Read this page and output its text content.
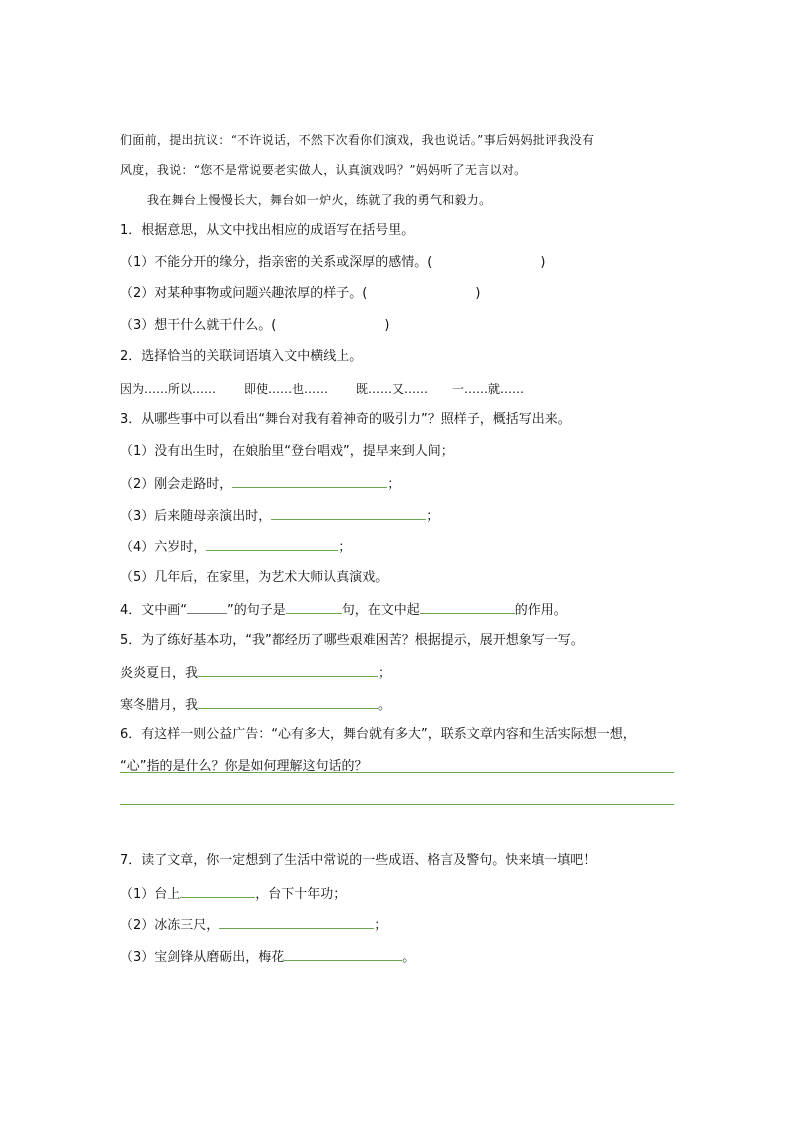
们面前，提出抗议：“不许说话，不然下次看你们演戏，我也说话。”事后妈妈批评我没有
风度，我说：“您不是常说要老实做人，认真演戏吗？”妈妈听了无言以对。
我在舞台上慢慢长大，舞台如一炉火，练就了我的勇气和毅力。
1．根据意思，从文中找出相应的成语写在括号里。
（1）不能分开的缘分，指亲密的关系或深厚的感情。(	)
（2）对某种事物或问题兴趣浓厚的样子。(	)
（3）想干什么就干什么。(	)
2．选择恰当的关联词语填入文中横线上。
因为……所以…… 即使……也…… 既……又…… 一……就……
3．从哪些事中可以看出“舞台对我有着神奇的吸引力”？照样子，概括写出来。
（1）没有出生时，在娘胎里“登台唱戏”，提早来到人间；
（2）刚会走路时，	；
（3）后来随母亲演出时，	；
（4）六岁时，	；
（5）几年后，在家里，为艺术大师认真演戏。
4．文中画“	”的句子是	句，在文中起	的作用。
5．为了练好基本功，“我”都经历了哪些艰难困苦？根据提示，展开想象写一写。
炎炎夏日，我	；
寒冬腊月，我	。
6．有这样一则公益广告：“心有多大，舞台就有多大”，联系文章内容和生活实际想一想，
“心”指的是什么？你是如何理解这句话的？
7．读了文章，你一定想到了生活中常说的一些成语、格言及警句。快来填一填吧！
（1）台上	，台下十年功；
（2）冰冻三尺，	；
（3）宝剑锋从磨砺出，梅花	。
